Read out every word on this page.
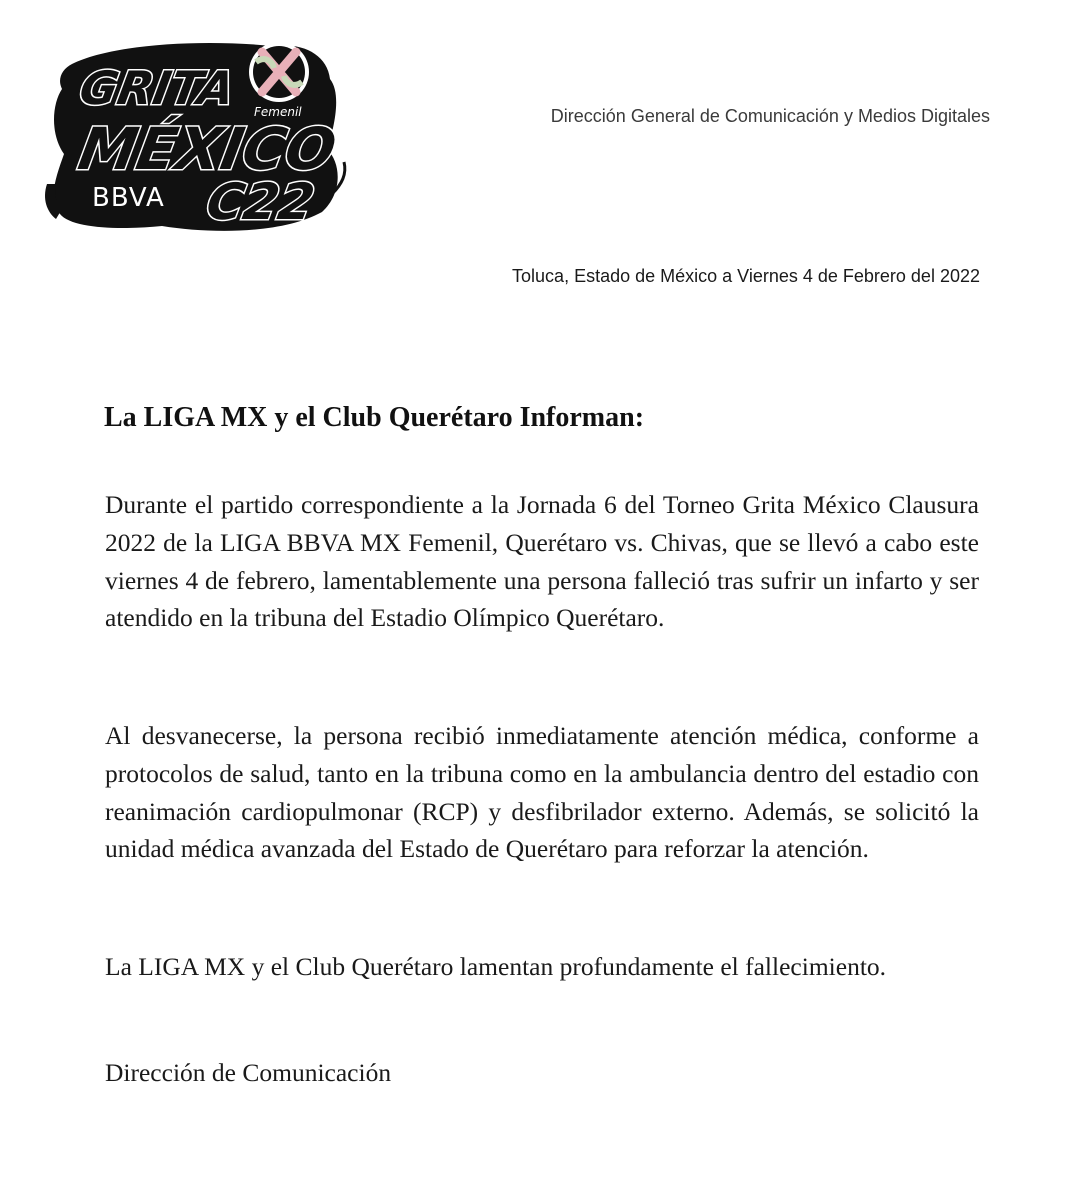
GRITA Femenil
MÉXICO
BBVA C22
Dirección General de Comunicación y Medios Digitales
Toluca, Estado de México a Viernes 4 de Febrero del 2022
La LIGA MX y el Club Querétaro Informan:

Durante el partido correspondiente a la Jornada 6 del Torneo Grita México Clausura 2022 de la LIGA BBVA MX Femenil, Querétaro vs. Chivas, que se llevó a cabo este viernes 4 de febrero, lamentablemente una persona falleció tras sufrir un infarto y ser atendido en la tribuna del Estadio Olímpico Querétaro.

Al desvanecerse, la persona recibió inmediatamente atención médica, conforme a protocolos de salud, tanto en la tribuna como en la ambulancia dentro del estadio con reanimación cardiopulmonar (RCP) y desfibrilador externo. Además, se solicitó la unidad médica avanzada del Estado de Querétaro para reforzar la atención.

La LIGA MX y el Club Querétaro lamentan profundamente el fallecimiento.

Dirección de Comunicación
